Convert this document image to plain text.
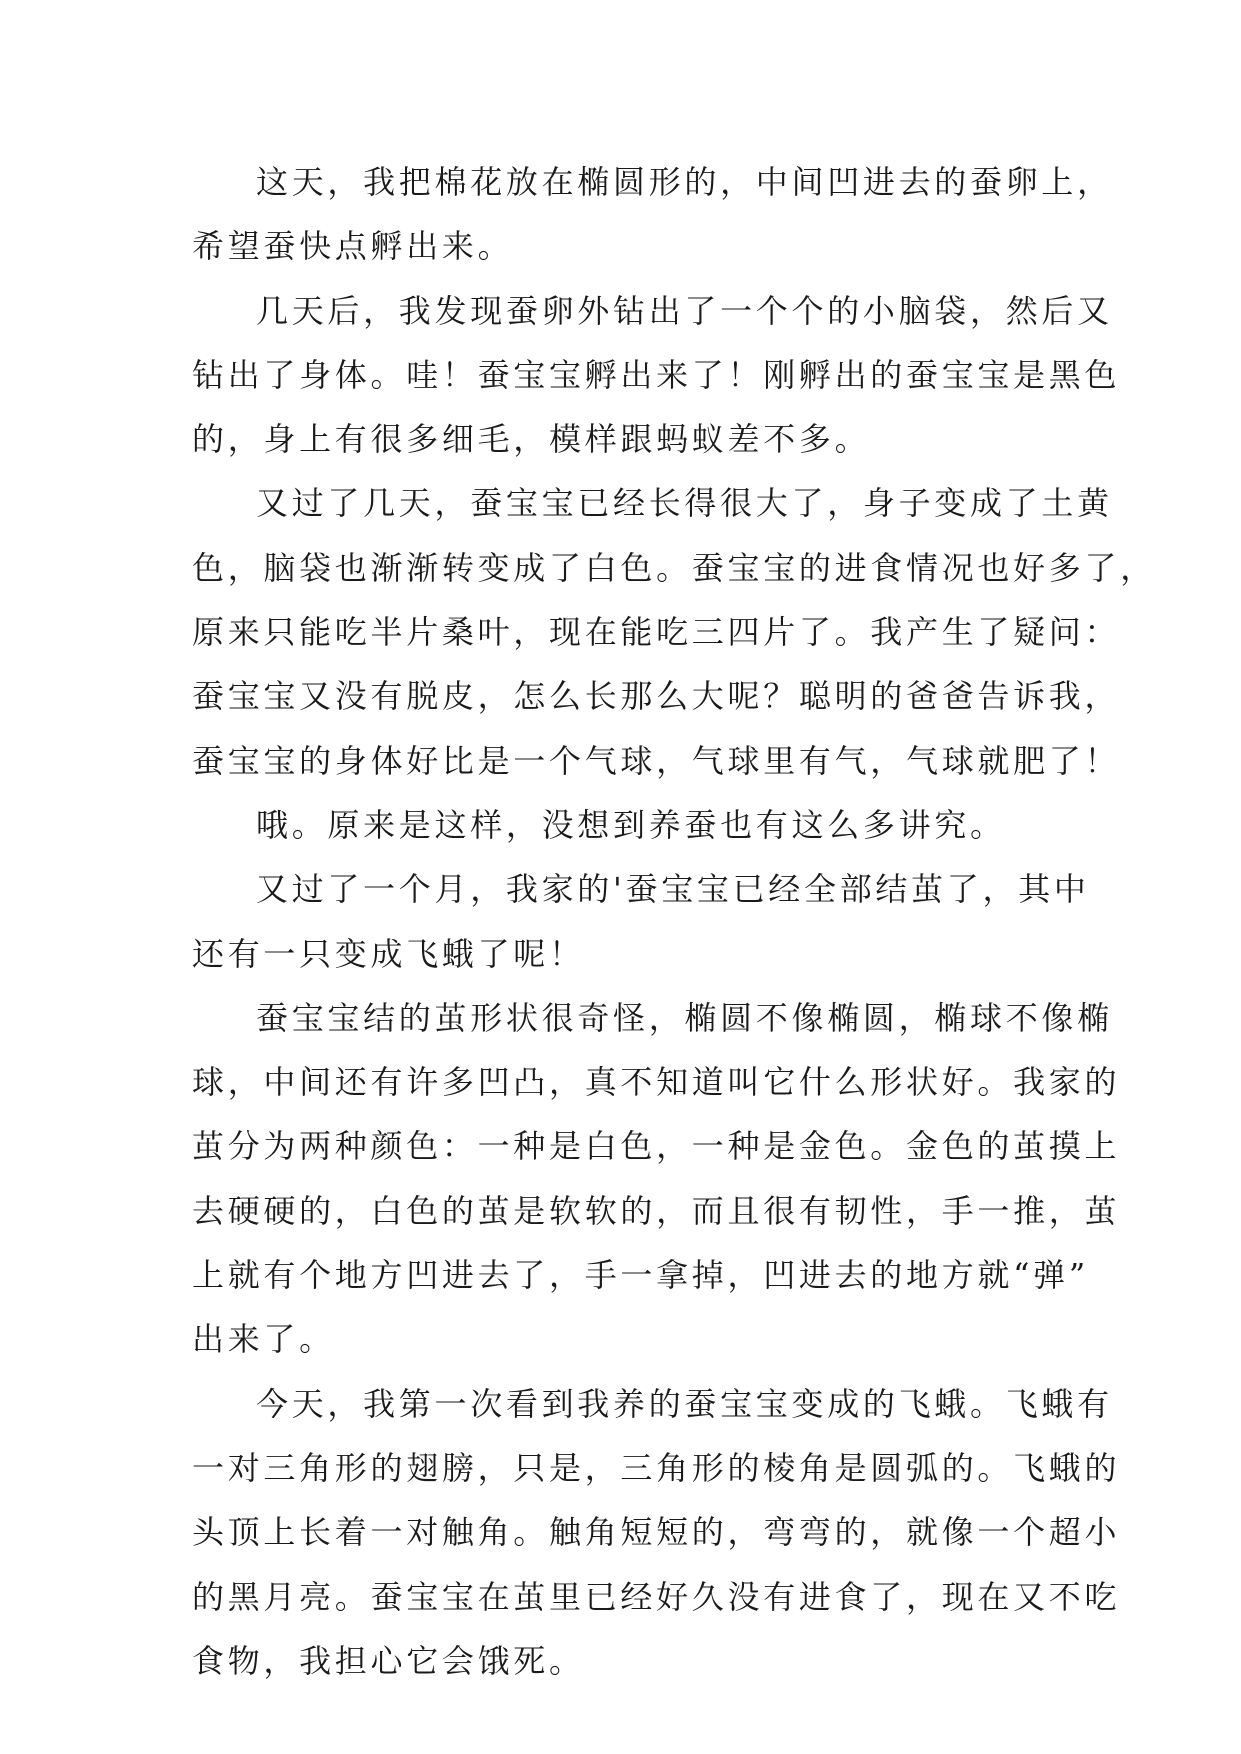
这天，我把棉花放在椭圆形的，中间凹进去的蚕卵上，
希望蚕快点孵出来。
几天后，我发现蚕卵外钻出了一个个的小脑袋，然后又
钻出了身体。哇！蚕宝宝孵出来了！刚孵出的蚕宝宝是黑色
的，身上有很多细毛，模样跟蚂蚁差不多。
又过了几天，蚕宝宝已经长得很大了，身子变成了土黄
色，脑袋也渐渐转变成了白色。蚕宝宝的进食情况也好多了，
原来只能吃半片桑叶，现在能吃三四片了。我产生了疑问：
蚕宝宝又没有脱皮，怎么长那么大呢？聪明的爸爸告诉我，
蚕宝宝的身体好比是一个气球，气球里有气，气球就肥了！
哦。原来是这样，没想到养蚕也有这么多讲究。
又过了一个月，我家的'蚕宝宝已经全部结茧了，其中
还有一只变成飞蛾了呢！
蚕宝宝结的茧形状很奇怪，椭圆不像椭圆，椭球不像椭
球，中间还有许多凹凸，真不知道叫它什么形状好。我家的
茧分为两种颜色：一种是白色，一种是金色。金色的茧摸上
去硬硬的，白色的茧是软软的，而且很有韧性，手一推，茧
上就有个地方凹进去了，手一拿掉，凹进去的地方就“弹”
出来了。
今天，我第一次看到我养的蚕宝宝变成的飞蛾。飞蛾有
一对三角形的翅膀，只是，三角形的棱角是圆弧的。飞蛾的
头顶上长着一对触角。触角短短的，弯弯的，就像一个超小
的黑月亮。蚕宝宝在茧里已经好久没有进食了，现在又不吃
食物，我担心它会饿死。
